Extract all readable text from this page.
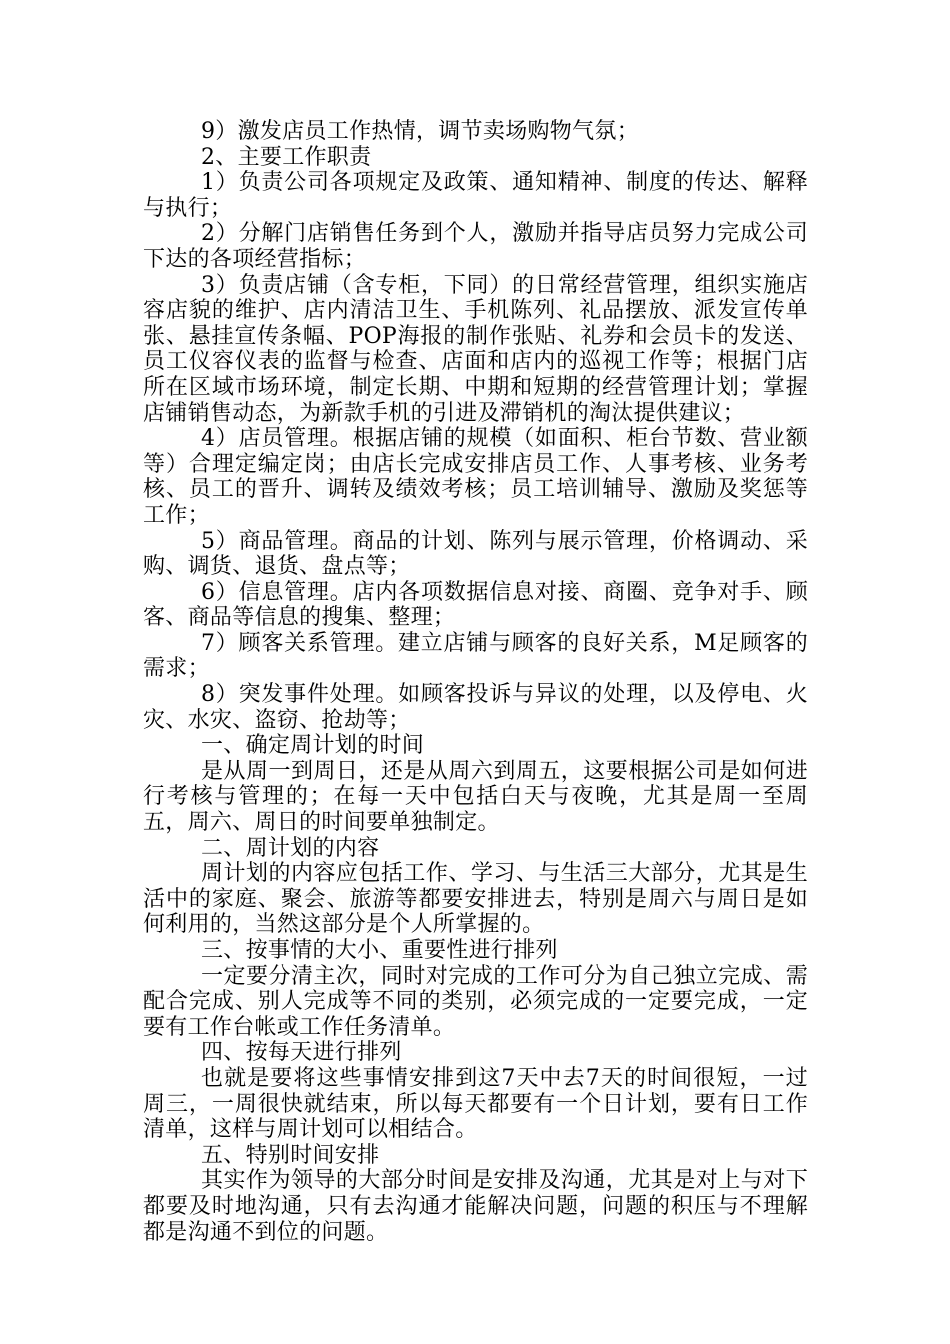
9）激发店员工作热情，调节卖场购物气氛；

2、主要工作职责

1）负责公司各项规定及政策、通知精神、制度的传达、解释与执行；

2）分解门店销售任务到个人，激励并指导店员努力完成公司下达的各项经营指标；

3）负责店铺（含专柜，下同）的日常经营管理，组织实施店容店貌的维护、店内清洁卫生、手机陈列、礼品摆放、派发宣传单张、悬挂宣传条幅、POP海报的制作张贴、礼券和会员卡的发送、员工仪容仪表的监督与检查、店面和店内的巡视工作等；根据门店所在区域市场环境，制定长期、中期和短期的经营管理计划；掌握店铺销售动态，为新款手机的引进及滞销机的淘汰提供建议；

4）店员管理。根据店铺的规模（如面积、柜台节数、营业额等）合理定编定岗；由店长完成安排店员工作、人事考核、业务考核、员工的晋升、调转及绩效考核；员工培训辅导、激励及奖惩等工作；

5）商品管理。商品的计划、陈列与展示管理，价格调动、采购、调货、退货、盘点等；

6）信息管理。店内各项数据信息对接、商圈、竞争对手、顾客、商品等信息的搜集、整理；

7）顾客关系管理。建立店铺与顾客的良好关系，M足顾客的需求；

8）突发事件处理。如顾客投诉与异议的处理，以及停电、火灾、水灾、盗窃、抢劫等；

一、确定周计划的时间

是从周一到周日，还是从周六到周五，这要根据公司是如何进行考核与管理的；在每一天中包括白天与夜晚，尤其是周一至周五，周六、周日的时间要单独制定。

二、周计划的内容

周计划的内容应包括工作、学习、与生活三大部分，尤其是生活中的家庭、聚会、旅游等都要安排进去，特别是周六与周日是如何利用的，当然这部分是个人所掌握的。

三、按事情的大小、重要性进行排列

一定要分清主次，同时对完成的工作可分为自己独立完成、需配合完成、别人完成等不同的类别，必须完成的一定要完成，一定要有工作台帐或工作任务清单。

四、按每天进行排列

也就是要将这些事情安排到这7天中去7天的时间很短，一过周三，一周很快就结束，所以每天都要有一个日计划，要有日工作清单，这样与周计划可以相结合。

五、特别时间安排

其实作为领导的大部分时间是安排及沟通，尤其是对上与对下都要及时地沟通，只有去沟通才能解决问题，问题的积压与不理解都是沟通不到位的问题。
